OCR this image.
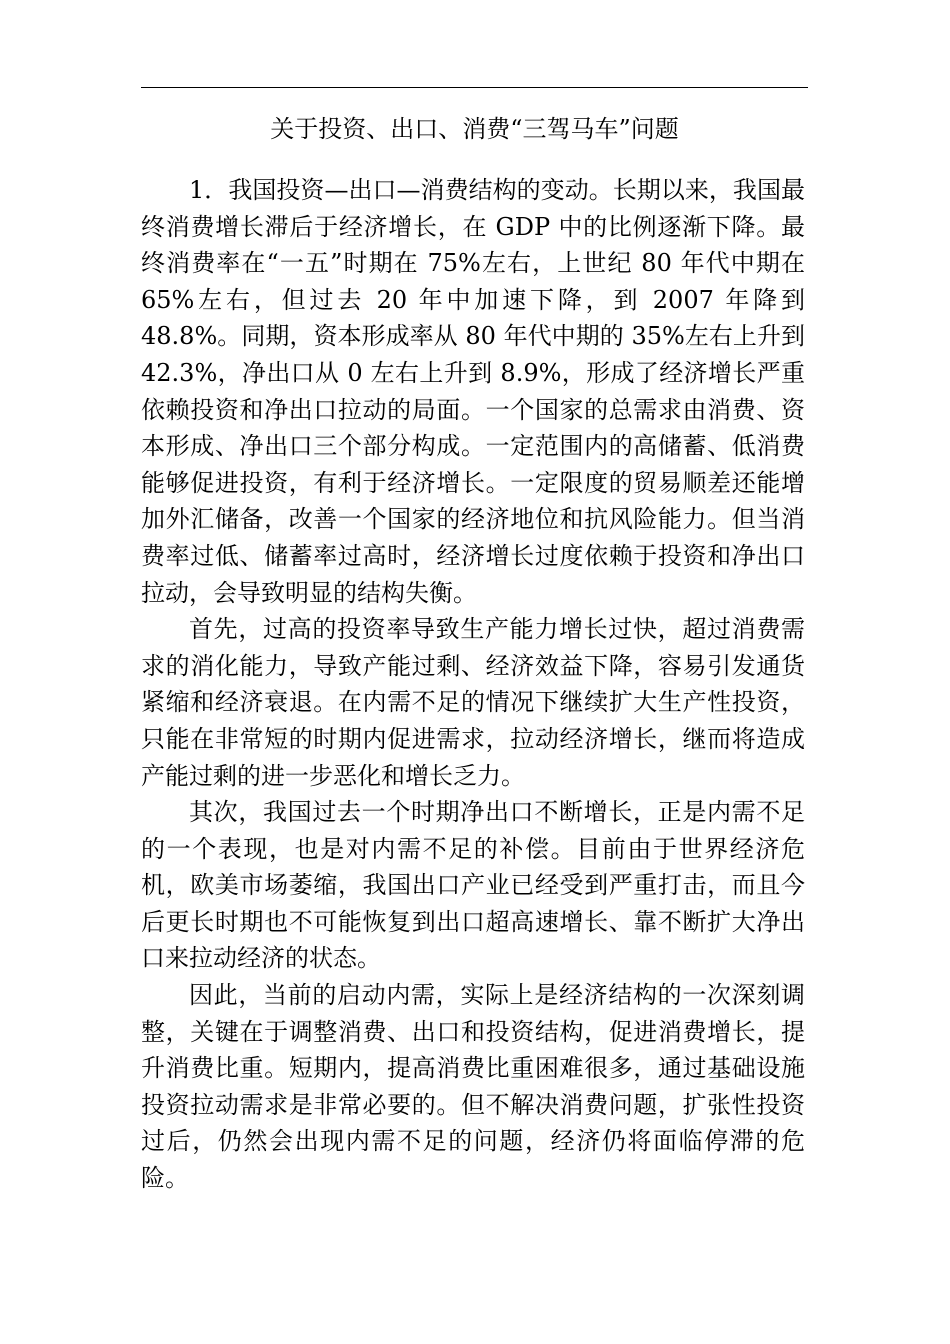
关于投资、出口、消费“三驾马车”问题

1．我国投资—出口—消费结构的变动。长期以来，我国最终消费增长滞后于经济增长，在 GDP 中的比例逐渐下降。最终消费率在“一五”时期在 75%左右，上世纪 80 年代中期在 65%左右，但过去 20 年中加速下降，到 2007 年降到 48.8%。同期，资本形成率从 80 年代中期的 35%左右上升到 42.3%，净出口从 0 左右上升到 8.9%，形成了经济增长严重依赖投资和净出口拉动的局面。一个国家的总需求由消费、资本形成、净出口三个部分构成。一定范围内的高储蓄、低消费能够促进投资，有利于经济增长。一定限度的贸易顺差还能增加外汇储备，改善一个国家的经济地位和抗风险能力。但当消费率过低、储蓄率过高时，经济增长过度依赖于投资和净出口拉动，会导致明显的结构失衡。

首先，过高的投资率导致生产能力增长过快，超过消费需求的消化能力，导致产能过剩、经济效益下降，容易引发通货紧缩和经济衰退。在内需不足的情况下继续扩大生产性投资，只能在非常短的时期内促进需求，拉动经济增长，继而将造成产能过剩的进一步恶化和增长乏力。

其次，我国过去一个时期净出口不断增长，正是内需不足的一个表现，也是对内需不足的补偿。目前由于世界经济危机，欧美市场萎缩，我国出口产业已经受到严重打击，而且今后更长时期也不可能恢复到出口超高速增长、靠不断扩大净出口来拉动经济的状态。

因此，当前的启动内需，实际上是经济结构的一次深刻调整，关键在于调整消费、出口和投资结构，促进消费增长，提升消费比重。短期内，提高消费比重困难很多，通过基础设施投资拉动需求是非常必要的。但不解决消费问题，扩张性投资过后，仍然会出现内需不足的问题，经济仍将面临停滞的危险。
